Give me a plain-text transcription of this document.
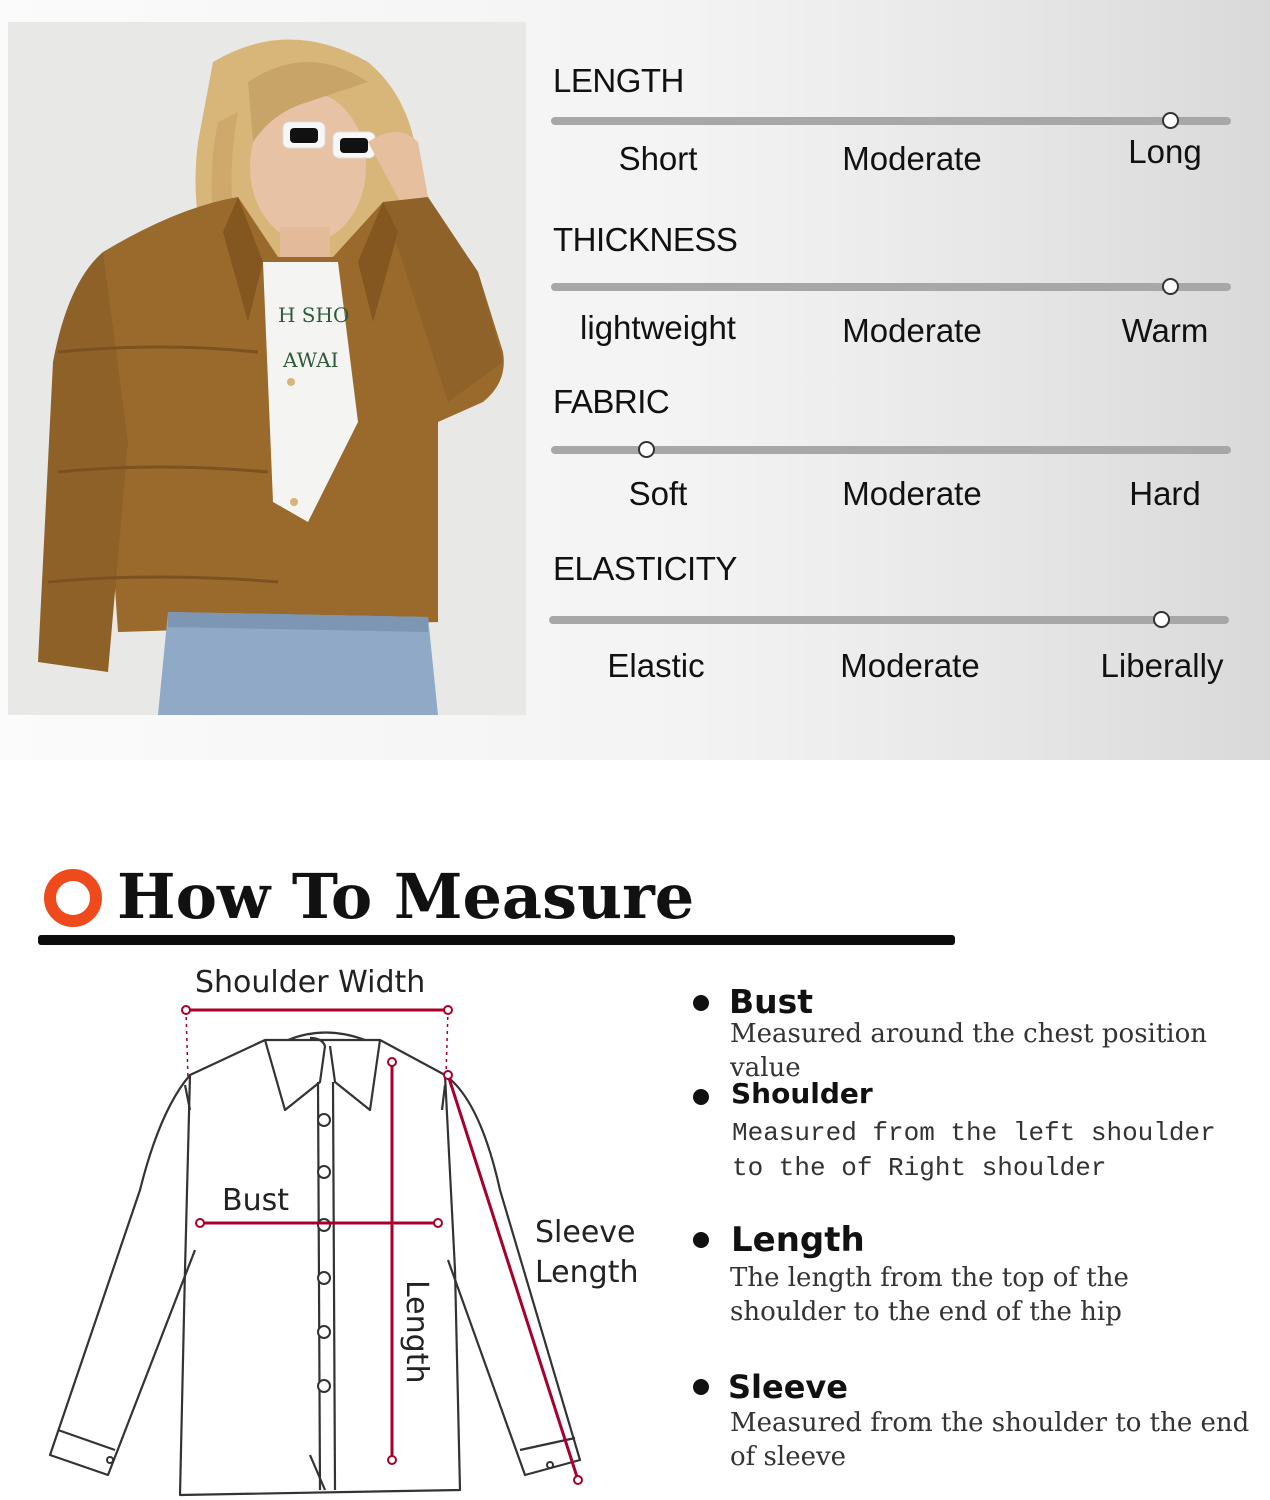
H SHO
AWAI
LENGTH
Short	Moderate	Long
THICKNESS
lightweight	Moderate	Warm
FABRIC
Soft	Moderate	Hard
ELASTICITY
Elastic	Moderate	Liberally
How To Measure
Shoulder Width
Bust
Sleeve
Length
Length
Bust
Measured around the chest position value
Shoulder
Measured from the left shoulder to the of Right shoulder
Length
The length from the top of the shoulder to the end of the hip
Sleeve
Measured from the shoulder to the end of sleeve
